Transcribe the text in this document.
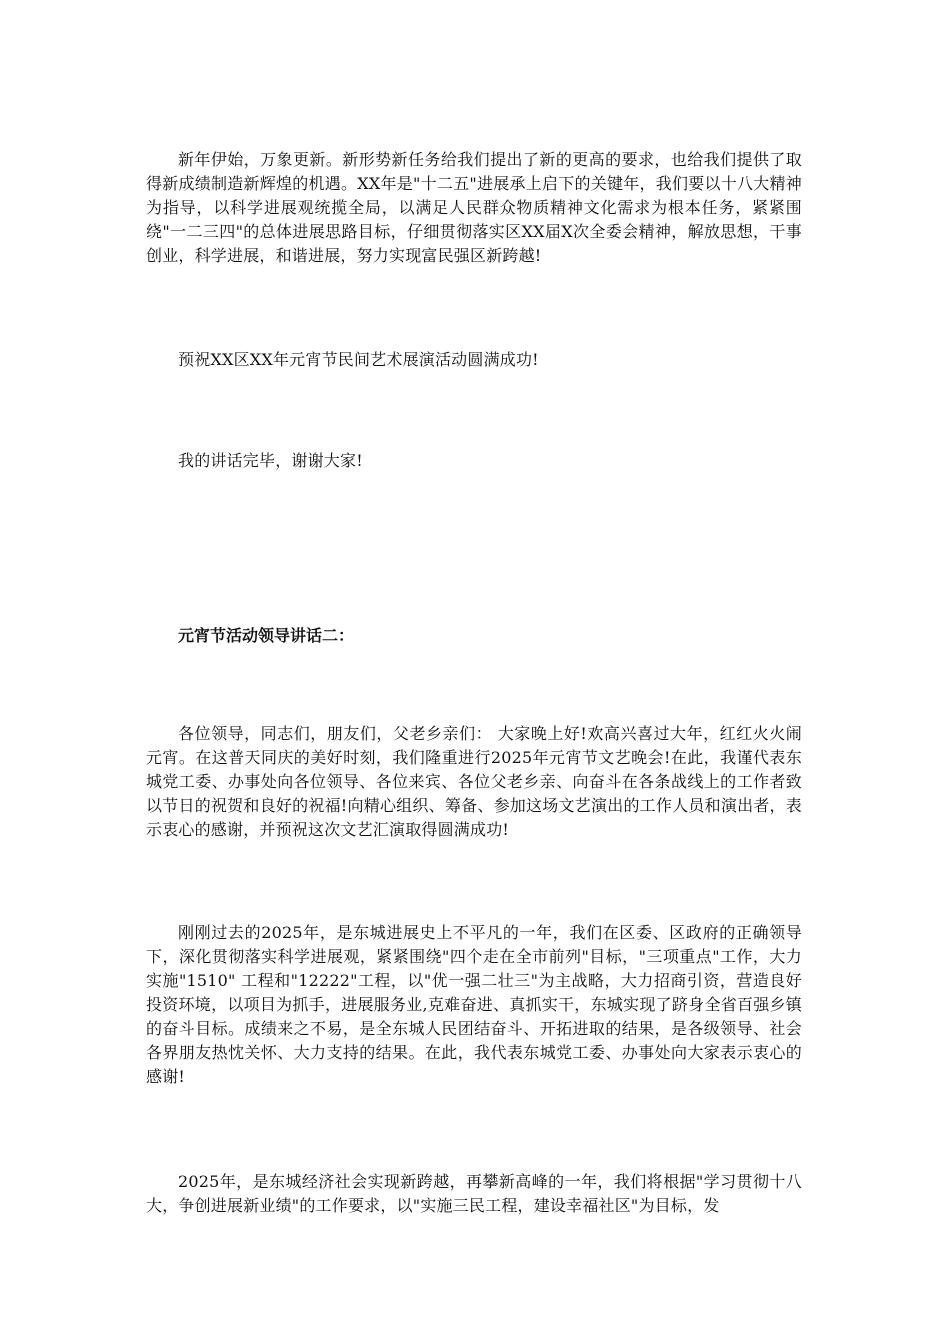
新年伊始，万象更新。新形势新任务给我们提出了新的更高的要求，也给我们提供了取得新成绩制造新辉煌的机遇。XX年是"十二五"进展承上启下的关键年，我们要以十八大精神为指导，以科学进展观统揽全局，以满足人民群众物质精神文化需求为根本任务，紧紧围绕"一二三四"的总体进展思路目标，仔细贯彻落实区XX届X次全委会精神，解放思想，干事创业，科学进展，和谐进展，努力实现富民强区新跨越!

预祝XX区XX年元宵节民间艺术展演活动圆满成功!

我的讲话完毕，谢谢大家!

元宵节活动领导讲话二：

各位领导，同志们，朋友们，父老乡亲们： 大家晚上好!欢高兴喜过大年，红红火火闹元宵。在这普天同庆的美好时刻，我们隆重进行2025年元宵节文艺晚会!在此，我谨代表东城党工委、办事处向各位领导、各位来宾、各位父老乡亲、向奋斗在各条战线上的工作者致以节日的祝贺和良好的祝福!向精心组织、筹备、参加这场文艺演出的工作人员和演出者，表示衷心的感谢，并预祝这次文艺汇演取得圆满成功!

刚刚过去的2025年，是东城进展史上不平凡的一年，我们在区委、区政府的正确领导下，深化贯彻落实科学进展观，紧紧围绕"四个走在全市前列"目标，"三项重点"工作，大力实施"1510" 工程和"12222"工程，以"优一强二壮三"为主战略，大力招商引资，营造良好投资环境，以项目为抓手，进展服务业,克难奋进、真抓实干，东城实现了跻身全省百强乡镇的奋斗目标。成绩来之不易，是全东城人民团结奋斗、开拓进取的结果，是各级领导、社会各界朋友热忱关怀、大力支持的结果。在此，我代表东城党工委、办事处向大家表示衷心的感谢!

2025年，是东城经济社会实现新跨越，再攀新高峰的一年，我们将根据"学习贯彻十八大，争创进展新业绩"的工作要求，以"实施三民工程，建设幸福社区"为目标，发
